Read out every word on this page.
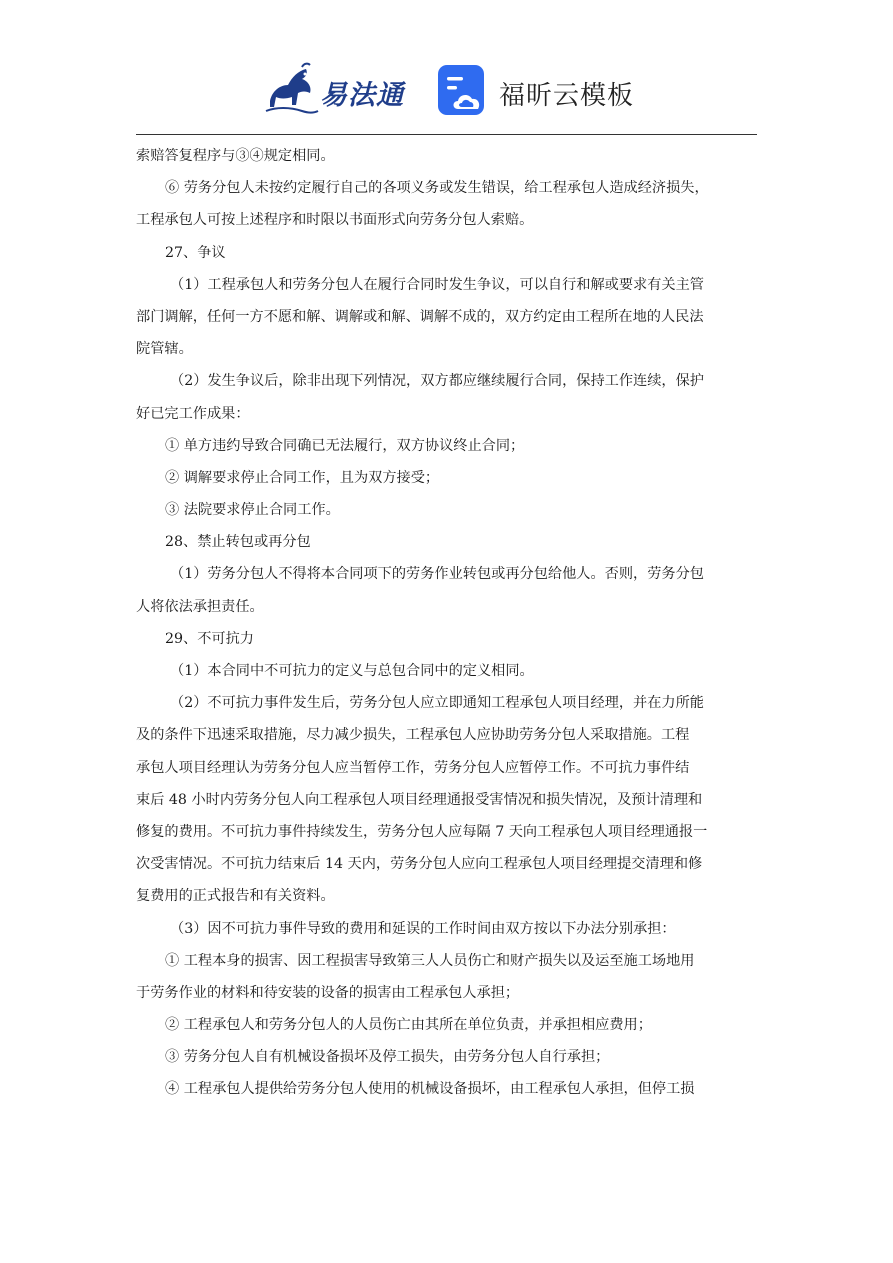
易法通	福昕云模板
索赔答复程序与③④规定相同。
⑥ 劳务分包人未按约定履行自己的各项义务或发生错误，给工程承包人造成经济损失，
工程承包人可按上述程序和时限以书面形式向劳务分包人索赔。
27、争议
（1）工程承包人和劳务分包人在履行合同时发生争议，可以自行和解或要求有关主管
部门调解，任何一方不愿和解、调解或和解、调解不成的，双方约定由工程所在地的人民法
院管辖。
（2）发生争议后，除非出现下列情况，双方都应继续履行合同，保持工作连续，保护
好已完工作成果：
① 单方违约导致合同确已无法履行，双方协议终止合同；
② 调解要求停止合同工作，且为双方接受；
③ 法院要求停止合同工作。
28、禁止转包或再分包
（1）劳务分包人不得将本合同项下的劳务作业转包或再分包给他人。否则，劳务分包
人将依法承担责任。
29、不可抗力
（1）本合同中不可抗力的定义与总包合同中的定义相同。
（2）不可抗力事件发生后，劳务分包人应立即通知工程承包人项目经理，并在力所能
及的条件下迅速采取措施，尽力减少损失，工程承包人应协助劳务分包人采取措施。工程
承包人项目经理认为劳务分包人应当暂停工作，劳务分包人应暂停工作。不可抗力事件结
束后 48 小时内劳务分包人向工程承包人项目经理通报受害情况和损失情况，及预计清理和
修复的费用。不可抗力事件持续发生，劳务分包人应每隔 7 天向工程承包人项目经理通报一
次受害情况。不可抗力结束后 14 天内，劳务分包人应向工程承包人项目经理提交清理和修
复费用的正式报告和有关资料。
（3）因不可抗力事件导致的费用和延误的工作时间由双方按以下办法分别承担：
① 工程本身的损害、因工程损害导致第三人人员伤亡和财产损失以及运至施工场地用
于劳务作业的材料和待安装的设备的损害由工程承包人承担；
② 工程承包人和劳务分包人的人员伤亡由其所在单位负责，并承担相应费用；
③ 劳务分包人自有机械设备损坏及停工损失，由劳务分包人自行承担；
④ 工程承包人提供给劳务分包人使用的机械设备损坏，由工程承包人承担，但停工损
